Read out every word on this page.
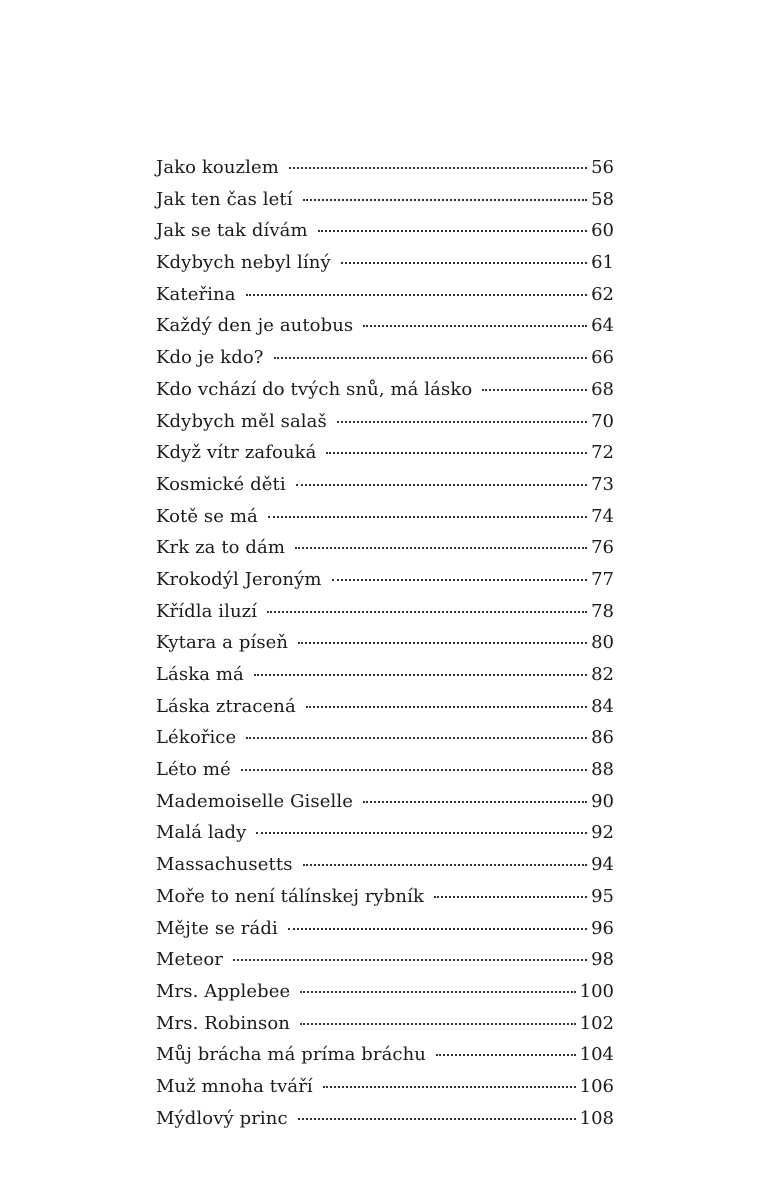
Jako kouzlem	56
Jak ten čas letí	58
Jak se tak dívám	60
Kdybych nebyl líný	61
Kateřina	62
Každý den je autobus	64
Kdo je kdo?	66
Kdo vchází do tvých snů, má lásko	68
Kdybych měl salaš	70
Když vítr zafouká	72
Kosmické děti	73
Kotě se má	74
Krk za to dám	76
Krokodýl Jeroným	77
Křídla iluzí	78
Kytara a píseň	80
Láska má	82
Láska ztracená	84
Lékořice	86
Léto mé	88
Mademoiselle Giselle	90
Malá lady	92
Massachusetts	94
Moře to není tálínskej rybník	95
Mějte se rádi	96
Meteor	98
Mrs. Applebee	100
Mrs. Robinson	102
Můj brácha má príma bráchu	104
Muž mnoha tváří	106
Mýdlový princ	108
